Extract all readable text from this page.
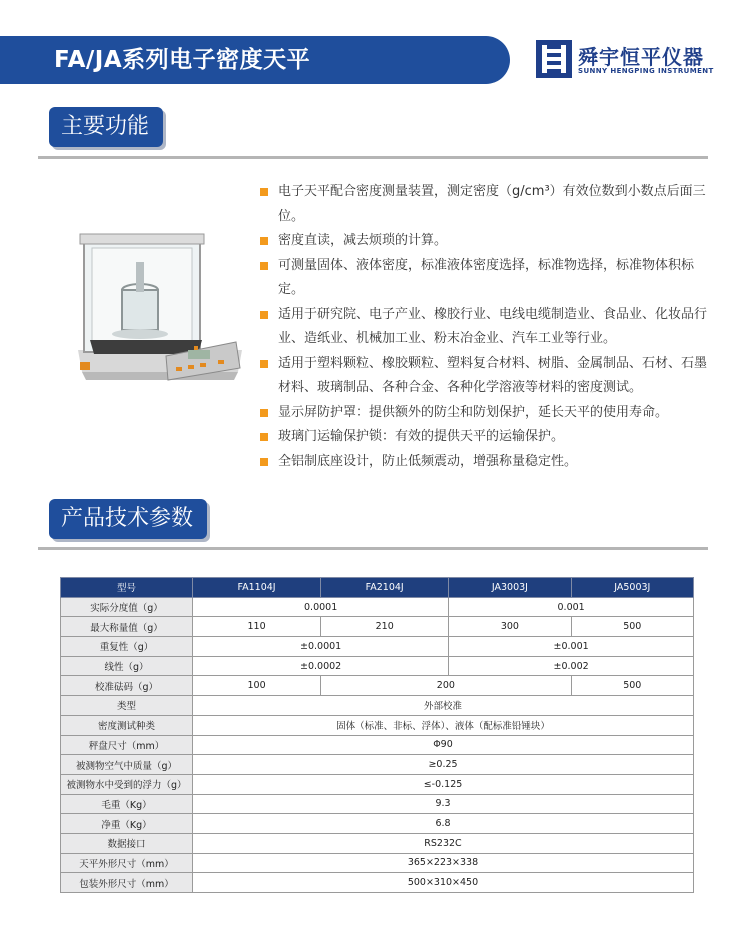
FA/JA系列电子密度天平	舜宇恒平仪器
SUNNY HENGPING INSTRUMENT
主要功能
电子天平配合密度测量装置，测定密度（g/cm³）有效位数到小数点后面三位。
密度直读，减去烦琐的计算。
可测量固体、液体密度，标准液体密度选择，标准物选择，标准物体积标定。
适用于研究院、电子产业、橡胶行业、电线电缆制造业、食品业、化妆品行业、造纸业、机械加工业、粉末冶金业、汽车工业等行业。
适用于塑料颗粒、橡胶颗粒、塑料复合材料、树脂、金属制品、石材、石墨材料、玻璃制品、各种合金、各种化学溶液等材料的密度测试。
显示屏防护罩：提供额外的防尘和防划保护，延长天平的使用寿命。
玻璃门运输保护锁：有效的提供天平的运输保护。
全铝制底座设计，防止低频震动，增强称量稳定性。
产品技术参数
型号	FA1104J	FA2104J	JA3003J	JA5003J
实际分度值（g）	0.0001		0.001	
最大称量值（g）	110	210	300	500
重复性（g）	±0.0001		±0.001	
线性（g）	±0.0002		±0.002	
校准砝码（g）	100	200		500
类型	外部校准			
密度测试种类	固体（标准、非标、浮体）、液体（配标准铅锤块）			
秤盘尺寸（mm）	Φ90			
被测物空气中质量（g）	≥0.25			
被测物水中受到的浮力（g）	≤-0.125			
毛重（Kg）	9.3			
净重（Kg）	6.8			
数据接口	RS232C			
天平外形尺寸（mm）	365×223×338			
包装外形尺寸（mm）	500×310×450			
